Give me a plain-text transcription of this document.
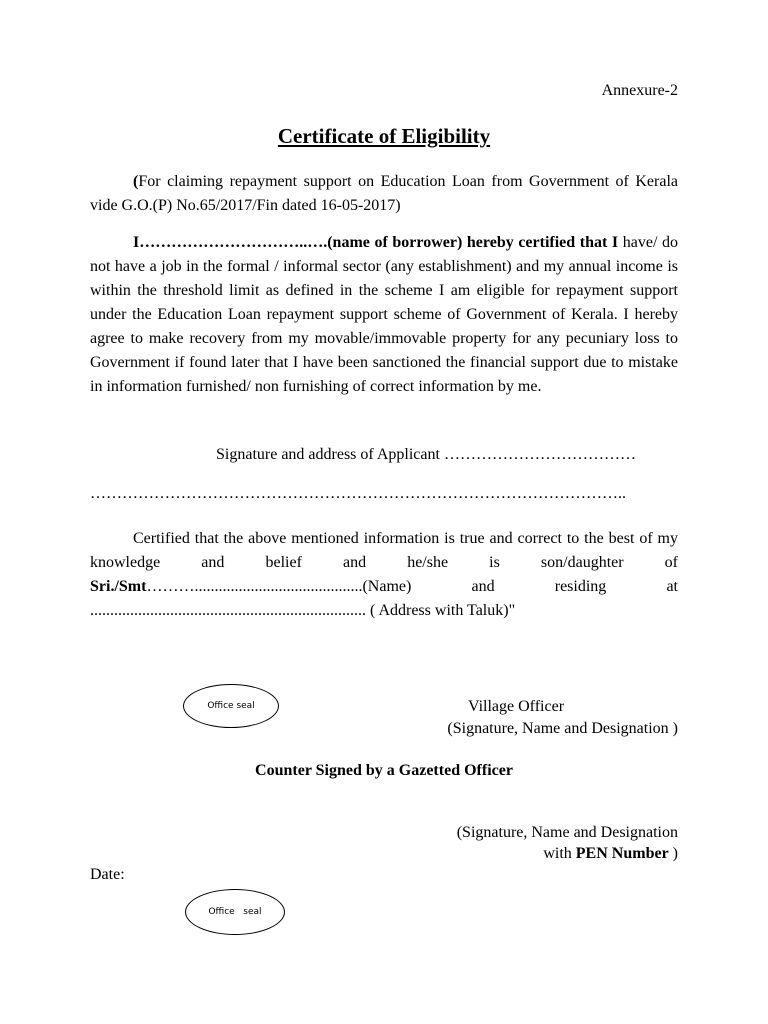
Annexure-2
Certificate of Eligibility

(For claiming repayment support on Education Loan from Government of Kerala vide G.O.(P) No.65/2017/Fin dated 16-05-2017)

I…………………………..….(name of borrower) hereby certified that I have/ do not have a job in the formal / informal sector (any establishment) and my annual income is within the threshold limit as defined in the scheme I am eligible for repayment support under the Education Loan repayment support scheme of Government of Kerala. I hereby agree to make recovery from my movable/immovable property for any pecuniary loss to Government if found later that I have been sanctioned the financial support due to mistake in information furnished/ non furnishing of correct information by me.

Signature and address of Applicant ………………………………
………………………………………………………………………………………..

Certified that the above mentioned information is true and correct to the best of my knowledge and belief and he/she is son/daughter of Sri./Smt………..........................................(Name) and residing at ..................................................................... ( Address with Taluk)"

Office seal	Village Officer
(Signature, Name and Designation )
Counter Signed by a Gazetted Officer
(Signature, Name and Designation
with PEN Number )
Date:
Office   seal
